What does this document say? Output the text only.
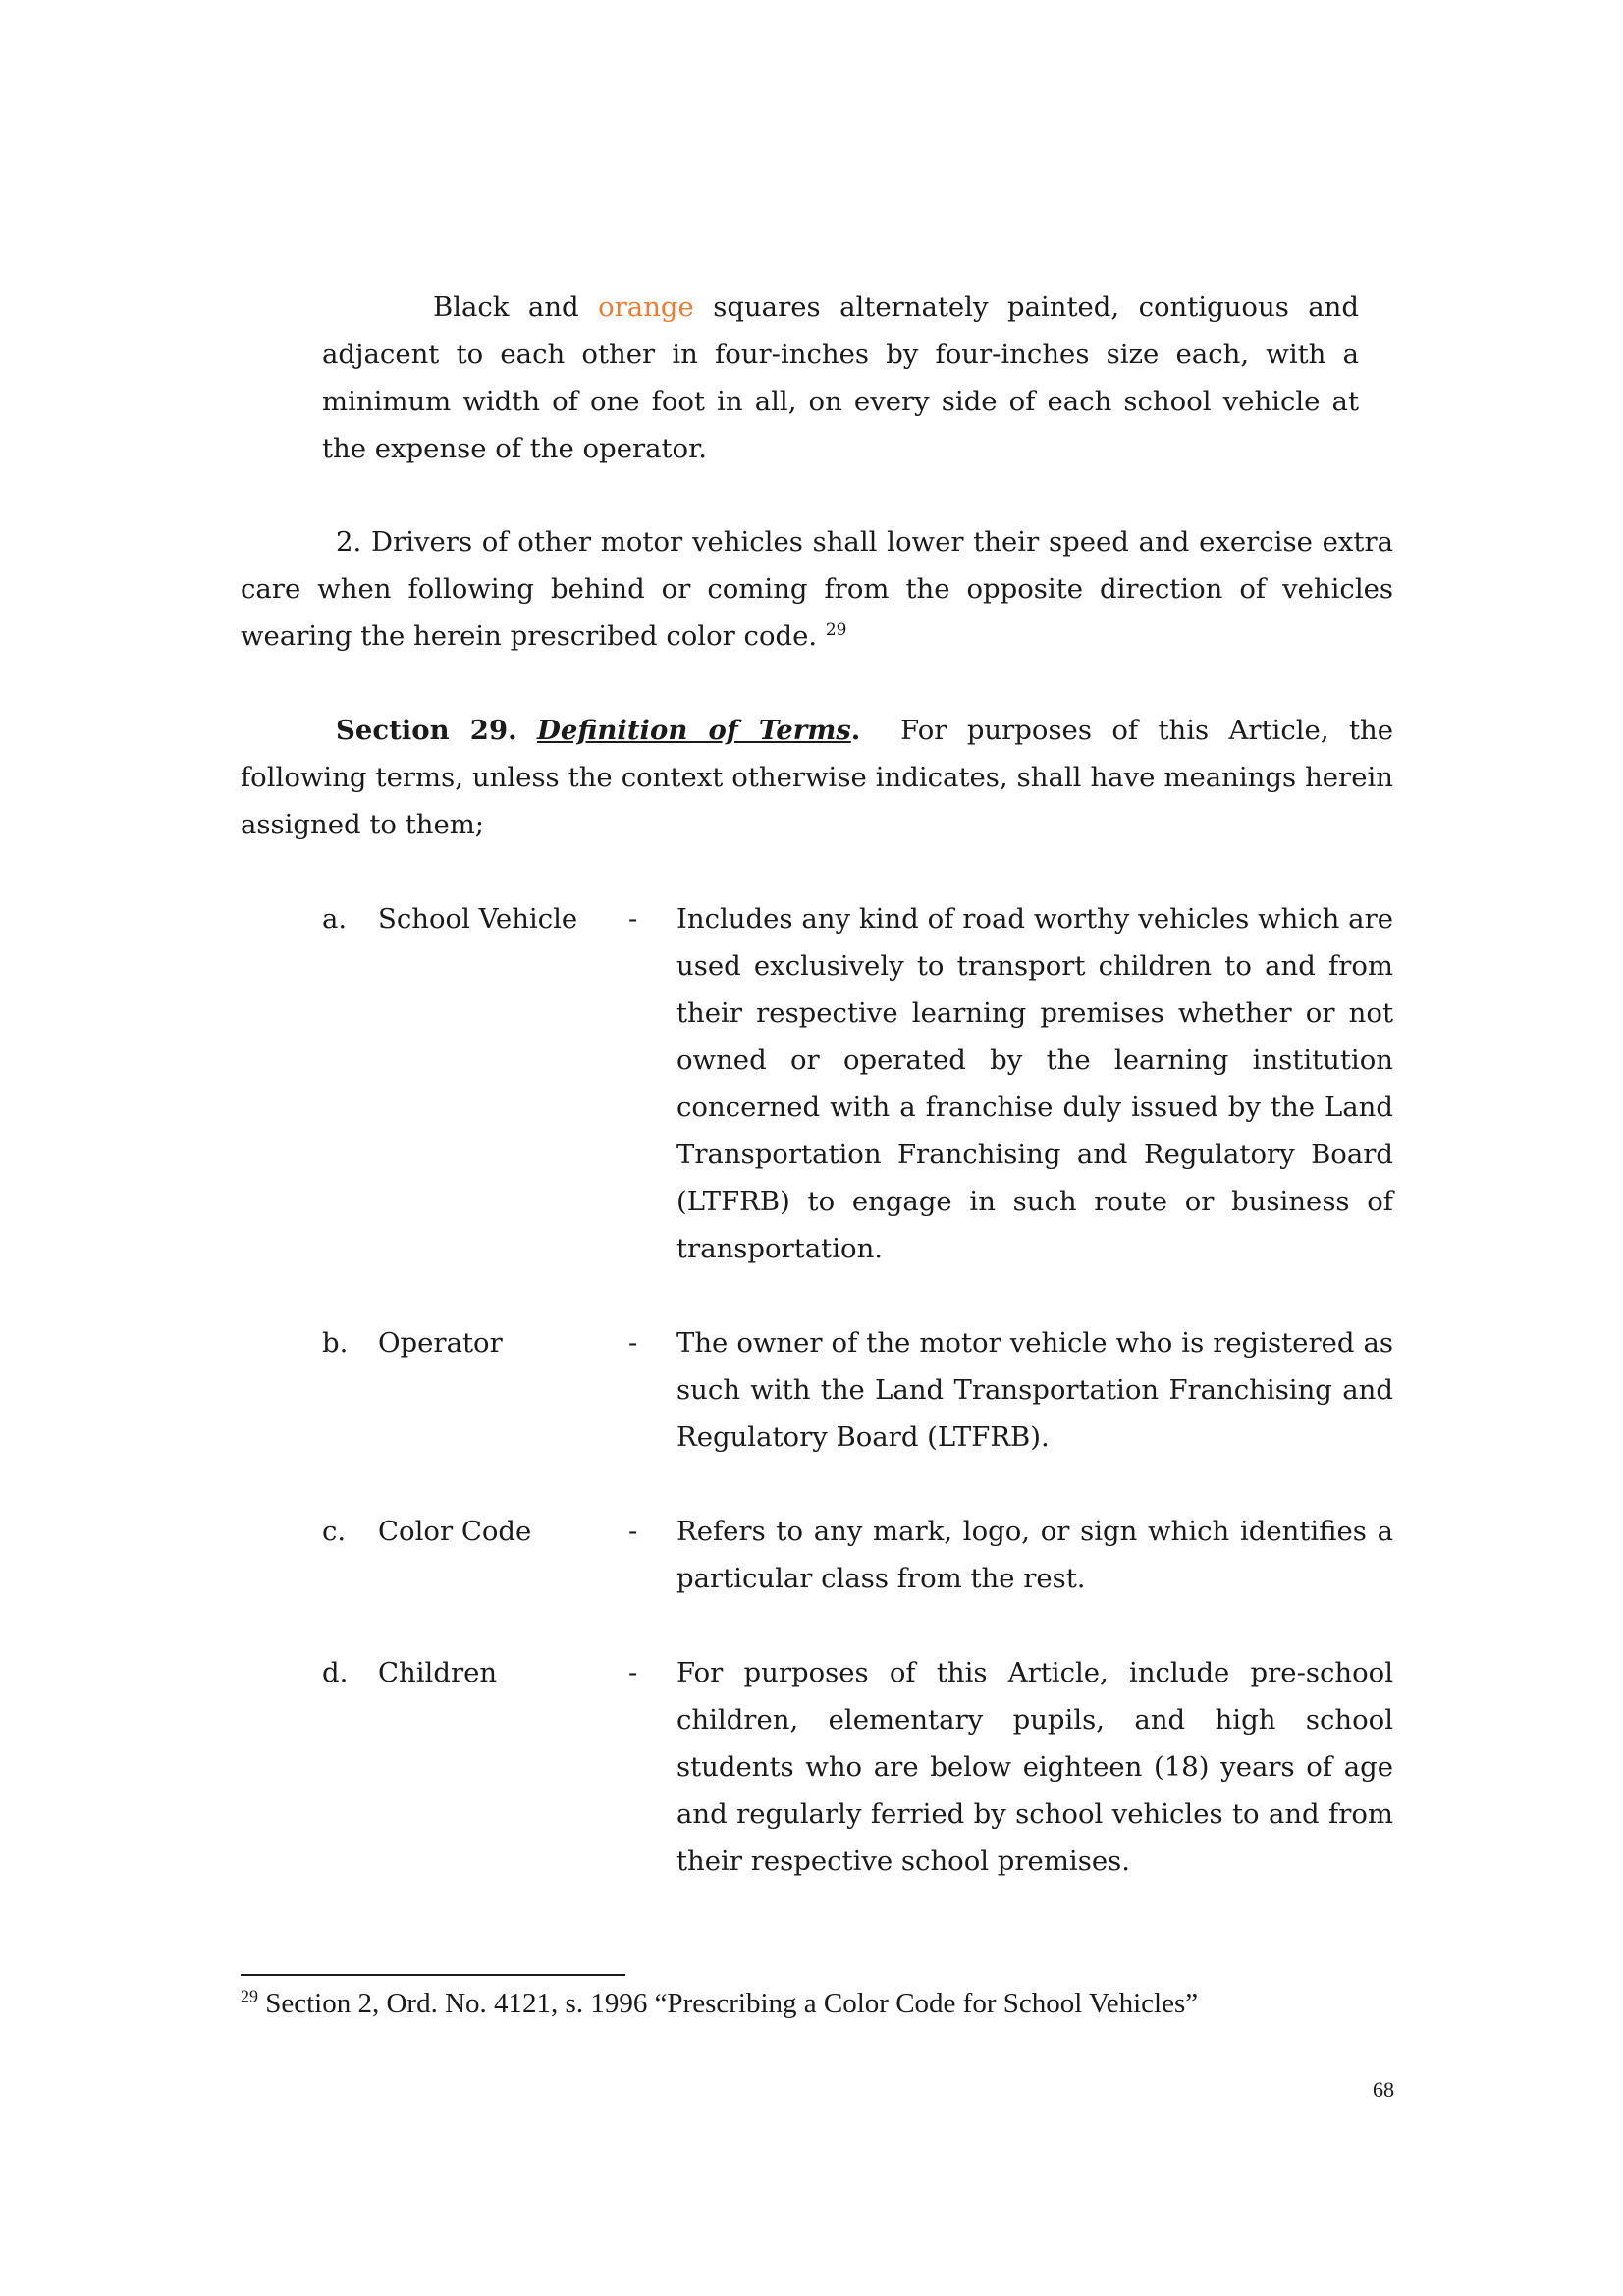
Black and orange squares alternately painted, contiguous and adjacent to each other in four-inches by four-inches size each, with a minimum width of one foot in all, on every side of each school vehicle at the expense of the operator.

2. Drivers of other motor vehicles shall lower their speed and exercise extra care when following behind or coming from the opposite direction of vehicles wearing the herein prescribed color code. $^{29}$

Section 29. Definition of Terms. For purposes of this Article, the following terms, unless the context otherwise indicates, shall have meanings herein assigned to them;

a. School Vehicle - Includes any kind of road worthy vehicles which are used exclusively to transport children to and from their respective learning premises whether or not owned or operated by the learning institution concerned with a franchise duly issued by the Land Transportation Franchising and Regulatory Board (LTFRB) to engage in such route or business of transportation.

b. Operator	- The owner of the motor vehicle who is registered as such with the Land Transportation Franchising and Regulatory Board (LTFRB).

c. Color Code	- Refers to any mark, logo, or sign which identifies a particular class from the rest.

d. Children	- For purposes of this Article, include pre-school children, elementary pupils, and high school students who are below eighteen (18) years of age and regularly ferried by school vehicles to and from their respective school premises.

$^{29}$ Section 2, Ord. No. 4121, s. 1996 “Prescribing a Color Code for School Vehicles”
68
